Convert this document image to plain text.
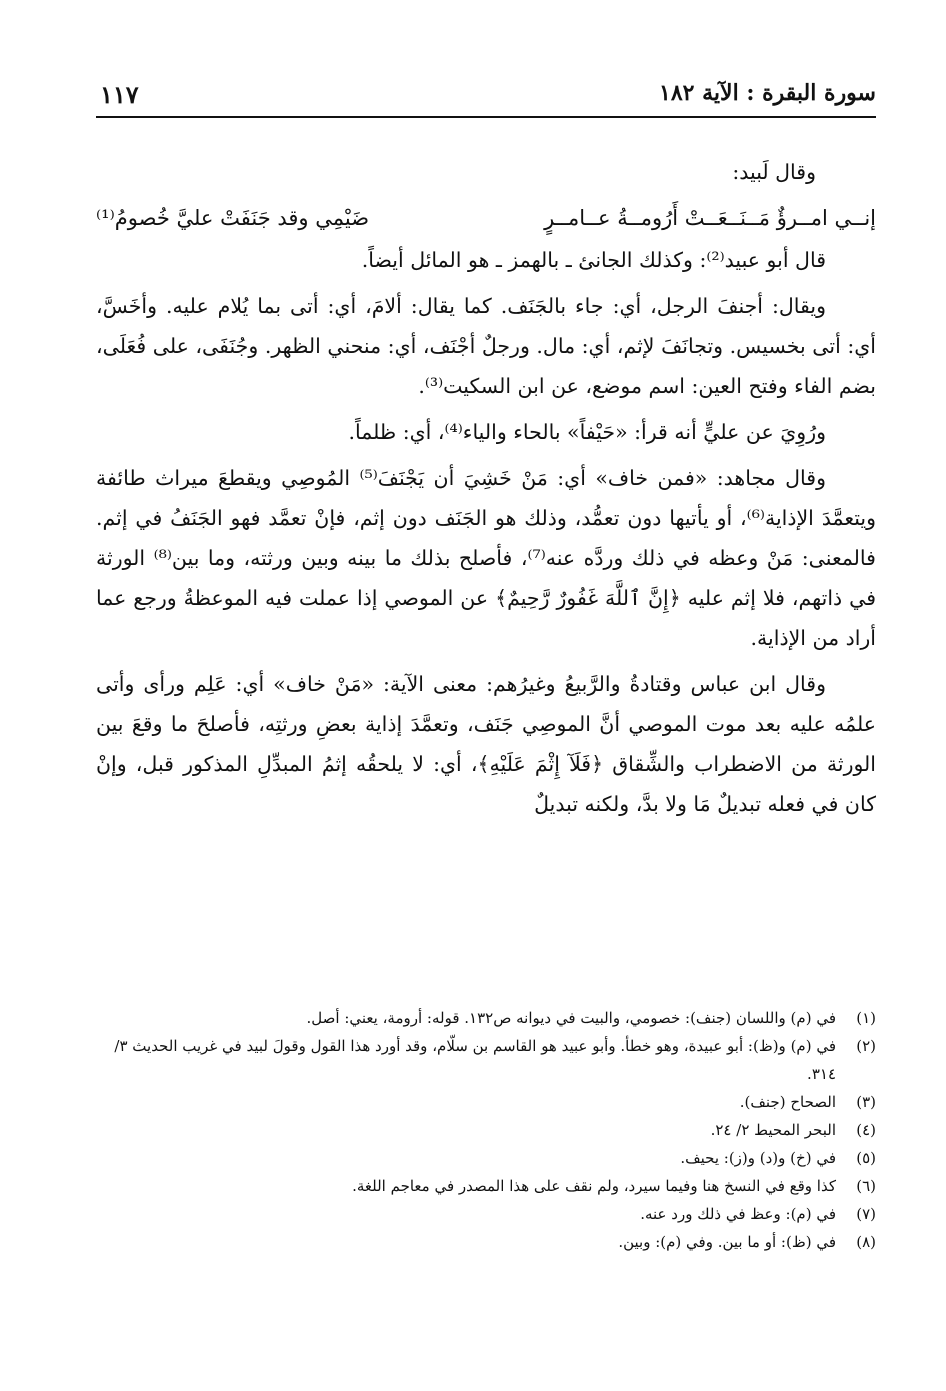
سورة البقرة : الآية ١٨٢
١١٧

وقال لَبيد:

إنــي امــرؤٌ مَــنَــعَــتْ أَرُومــةُ عــامــرٍ
ضَيْمِي وقد جَنَفَتْ عليَّ خُصومُ⁽¹⁾

قال أبو عبيد⁽²⁾: وكذلك الجانئ ـ بالهمز ـ هو المائل أيضاً.

ويقال: أجنفَ الرجل، أي: جاء بالجَنَف. كما يقال: ألامَ، أي: أتى بما يُلام عليه. وأخَسَّ، أي: أتى بخسيس. وتجانَفَ لإثم، أي: مال. ورجلٌ أجْنَف، أي: منحني الظهر. وجُنَفَى، على فُعَلَى، بضم الفاء وفتح العين: اسم موضع، عن ابن السكيت⁽³⁾.

ورُوِيَ عن عليٍّ أنه قرأ: «حَيْفاً» بالحاء والياء⁽⁴⁾، أي: ظلماً.

وقال مجاهد: «فمن خاف» أي: مَنْ خَشِيَ أن يَجْنَفَ⁽⁵⁾ المُوصِي ويقطعَ ميراث طائفة ويتعمَّدَ الإذاية⁽⁶⁾، أو يأتيها دون تعمُّد، وذلك هو الجَنَف دون إثم، فإنْ تعمَّد فهو الجَنَفُ في إثم. فالمعنى: مَنْ وعظه في ذلك وردَّه عنه⁽⁷⁾، فأصلح بذلك ما بينه وبين ورثته، وما بين⁽⁸⁾ الورثة في ذاتهم، فلا إثم عليه ﴿إِنَّ ٱللَّهَ غَفُورٌ رَّحِيمٌ﴾ عن الموصي إذا عملت فيه الموعظةُ ورجع عما أراد من الإذاية.

وقال ابن عباس وقتادةُ والرَّبيعُ وغيرُهم: معنى الآية: «مَنْ خاف» أي: عَلِم ورأى وأتى علمُه عليه بعد موت الموصي أنَّ الموصِي جَنَف، وتعمَّدَ إذاية بعضِ ورثتِه، فأصلحَ ما وقعَ بين الورثة من الاضطراب والشِّقاق ﴿فَلَآ إِثْمَ عَلَيْهِ﴾، أي: لا يلحقُه إثمُ المبدِّلِ المذكور قبل، وإنْ كان في فعله تبديلٌ مَا ولا بدَّ، ولكنه تبديلٌ

(١)
في (م) واللسان (جنف): خصومي، والبيت في ديوانه ص١٣٢. قوله: أرومة، يعني: أصل.
(٢)
في (م) و(ظ): أبو عبيدة، وهو خطأ. وأبو عبيد هو القاسم بن سلّام، وقد أورد هذا القول وقولَ لبيد في غريب الحديث ٣/ ٣١٤.
(٣)
الصحاح (جنف).
(٤)
البحر المحيط ٢/ ٢٤.
(٥)
في (خ) و(د) و(ز): يحيف.
(٦)
كذا وقع في النسخ هنا وفيما سيرد، ولم نقف على هذا المصدر في معاجم اللغة.
(٧)
في (م): وعظ في ذلك ورد عنه.
(٨)
في (ظ): أو ما بين. وفي (م): وبين.
